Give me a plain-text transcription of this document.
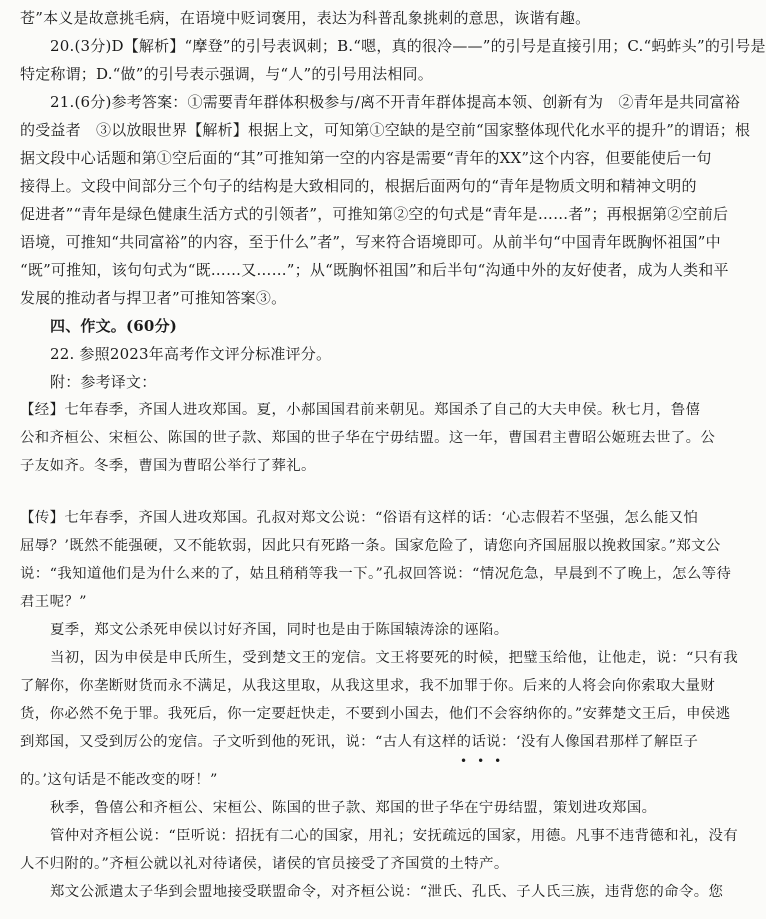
苍”本义是故意挑毛病，在语境中贬词褒用，表达为科普乱象挑刺的意思，诙谐有趣。
20.(3分)D【解析】“摩登”的引号表讽刺；B.“嗯，真的很冷——”的引号是直接引用；C.“蚂蚱头”的引号是
特定称谓；D.“做”的引号表示强调，与“人”的引号用法相同。
21.(6分)参考答案：①需要青年群体积极参与/离不开青年群体提高本领、创新有为　②青年是共同富裕
的受益者　③以放眼世界【解析】根据上文，可知第①空缺的是空前“国家整体现代化水平的提升”的谓语；根
据文段中心话题和第①空后面的“其”可推知第一空的内容是需要“青年的XX”这个内容，但要能使后一句
接得上。文段中间部分三个句子的结构是大致相同的，根据后面两句的“青年是物质文明和精神文明的
促进者”“青年是绿色健康生活方式的引领者”，可推知第②空的句式是“青年是……者”；再根据第②空前后
语境，可推知“共同富裕”的内容，至于什么”者”，写来符合语境即可。从前半句“中国青年既胸怀祖国”中
“既”可推知，该句句式为“既……又……”；从“既胸怀祖国”和后半句“沟通中外的友好使者，成为人类和平
发展的推动者与捍卫者”可推知答案③。
四、作文。(60分)
22. 参照2023年高考作文评分标准评分。
附：参考译文：
【经】七年春季，齐国人进攻郑国。夏，小郝国国君前来朝见。郑国杀了自己的大夫申侯。秋七月，鲁僖
公和齐桓公、宋桓公、陈国的世子款、郑国的世子华在宁毋结盟。这一年，曹国君主曹昭公姬班去世了。公
子友如齐。冬季，曹国为曹昭公举行了葬礼。
【传】七年春季，齐国人进攻郑国。孔叔对郑文公说：“俗语有这样的话：‘心志假若不坚强，怎么能又怕
屈辱？’既然不能强硬，又不能软弱，因此只有死路一条。国家危险了，请您向齐国屈服以挽救国家。”郑文公
说：“我知道他们是为什么来的了，姑且稍稍等我一下。”孔叔回答说：“情况危急，早晨到不了晚上，怎么等待
君王呢？”
夏季，郑文公杀死申侯以讨好齐国，同时也是由于陈国辕涛涂的诬陷。
当初，因为申侯是申氏所生，受到楚文王的宠信。文王将要死的时候，把璧玉给他，让他走，说：“只有我
了解你，你垄断财货而永不满足，从我这里取，从我这里求，我不加罪于你。后来的人将会向你索取大量财
货，你必然不免于罪。我死后，你一定要赶快走，不要到小国去，他们不会容纳你的。”安葬楚文王后，申侯逃
到郑国，又受到厉公的宠信。子文听到他的死讯，说：“古人有这样的话说：‘没有人像国君那样了解臣子
•••
的。’这句话是不能改变的呀！”
秋季，鲁僖公和齐桓公、宋桓公、陈国的世子款、郑国的世子华在宁毋结盟，策划进攻郑国。
管仲对齐桓公说：“臣听说：招抚有二心的国家，用礼；安抚疏远的国家，用德。凡事不违背德和礼，没有
人不归附的。”齐桓公就以礼对待诸侯，诸侯的官员接受了齐国赏的土特产。
郑文公派遣太子华到会盟地接受联盟命令，对齐桓公说：“泄氏、孔氏、子人氏三族，违背您的命令。您
